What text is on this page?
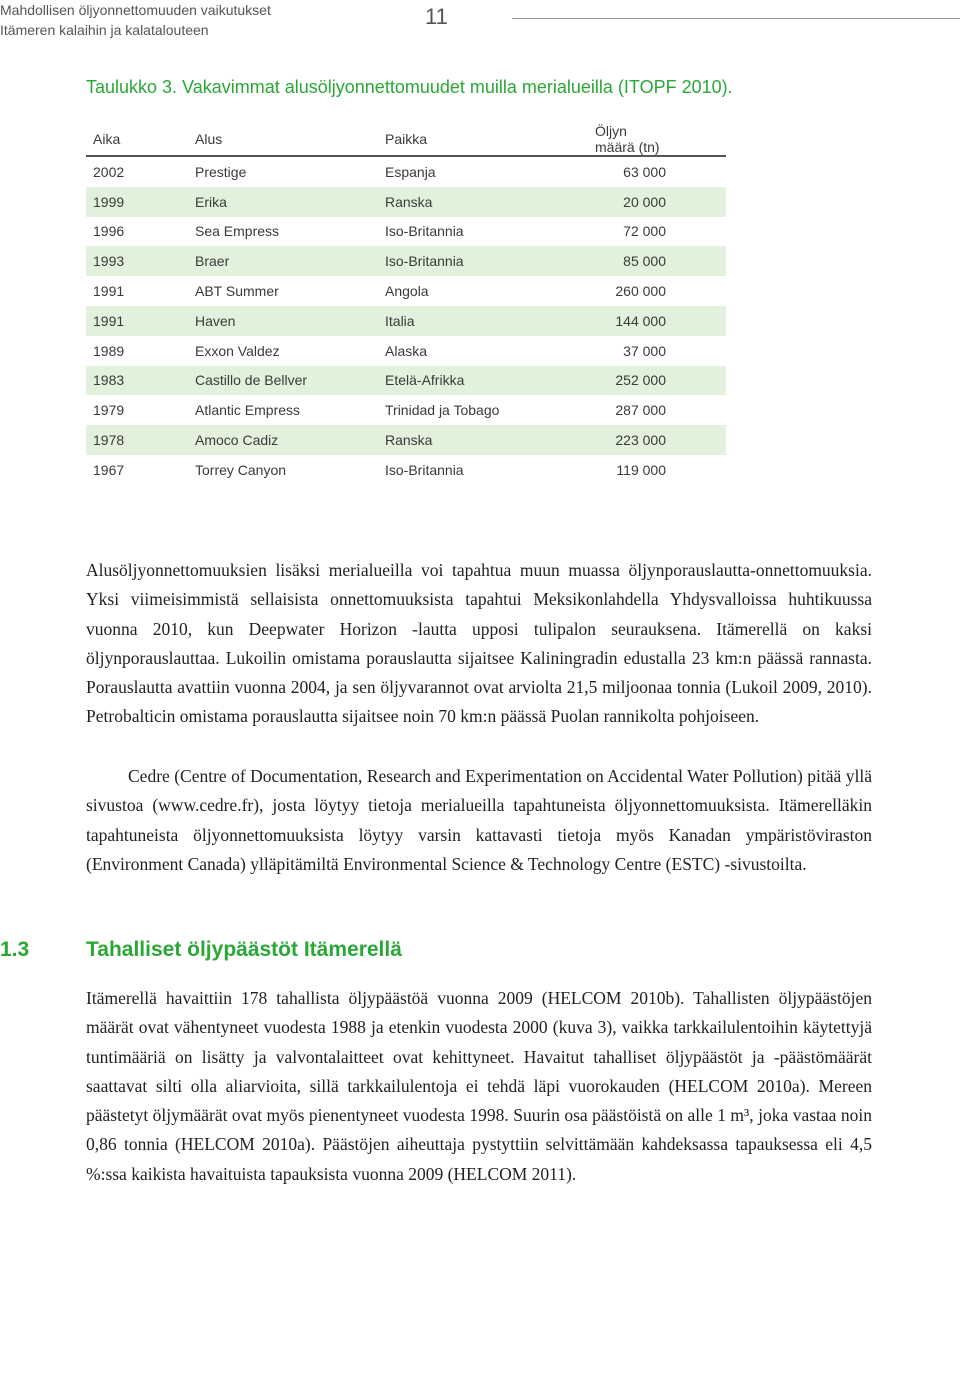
Mahdollisen öljyonnettomuuden vaikutukset
Itämeren kalaihin ja kalatalouteen
11
Taulukko 3. Vakavimmat alusöljyonnettomuudet muilla merialueilla (ITOPF 2010).
Aika	Alus	Paikka	Öljyn määrä (tn)
2002	Prestige	Espanja	63 000
1999	Erika	Ranska	20 000
1996	Sea Empress	Iso-Britannia	72 000
1993	Braer	Iso-Britannia	85 000
1991	ABT Summer	Angola	260 000
1991	Haven	Italia	144 000
1989	Exxon Valdez	Alaska	37 000
1983	Castillo de Bellver	Etelä-Afrikka	252 000
1979	Atlantic Empress	Trinidad ja Tobago	287 000
1978	Amoco Cadiz	Ranska	223 000
1967	Torrey Canyon	Iso-Britannia	119 000

Alusöljyonnettomuuksien lisäksi merialueilla voi tapahtua muun muassa öljynporauslautta-onnettomuuksia. Yksi viimeisimmistä sellaisista onnettomuuksista tapahtui Meksikonlahdella Yhdysvalloissa huhtikuussa vuonna 2010, kun Deepwater Horizon -lautta upposi tulipalon seurauksena. Itämerellä on kaksi öljynporauslauttaa. Lukoilin omistama porauslautta sijaitsee Kaliningradin edustalla 23 km:n päässä rannasta. Porauslautta avattiin vuonna 2004, ja sen öljyvarannot ovat arviolta 21,5 miljoonaa tonnia (Lukoil 2009, 2010). Petrobalticin omistama porauslautta sijaitsee noin 70 km:n päässä Puolan rannikolta pohjoiseen.

Cedre (Centre of Documentation, Research and Experimentation on Accidental Water Pollution) pitää yllä sivustoa (www.cedre.fr), josta löytyy tietoja merialueilla tapahtuneista öljyonnettomuuksista. Itämerelläkin tapahtuneista öljyonnettomuuksista löytyy varsin kattavasti tietoja myös Kanadan ympäristöviraston (Environment Canada) ylläpitämiltä Environmental Science & Technology Centre (ESTC) -sivustoilta.

1.3	Tahalliset öljypäästöt Itämerellä

Itämerellä havaittiin 178 tahallista öljypäästöä vuonna 2009 (HELCOM 2010b). Tahallisten öljypäästöjen määrät ovat vähentyneet vuodesta 1988 ja etenkin vuodesta 2000 (kuva 3), vaikka tarkkailulentoihin käytettyjä tuntimääriä on lisätty ja valvontalaitteet ovat kehittyneet. Havaitut tahalliset öljypäästöt ja -päästömäärät saattavat silti olla aliarvioita, sillä tarkkailulentoja ei tehdä läpi vuorokauden (HELCOM 2010a). Mereen päästetyt öljymäärät ovat myös pienentyneet vuodesta 1998. Suurin osa päästöistä on alle 1 m³, joka vastaa noin 0,86 tonnia (HELCOM 2010a). Päästöjen aiheuttaja pystyttiin selvittämään kahdeksassa tapauksessa eli 4,5 %:ssa kaikista havaituista tapauksista vuonna 2009 (HELCOM 2011).
